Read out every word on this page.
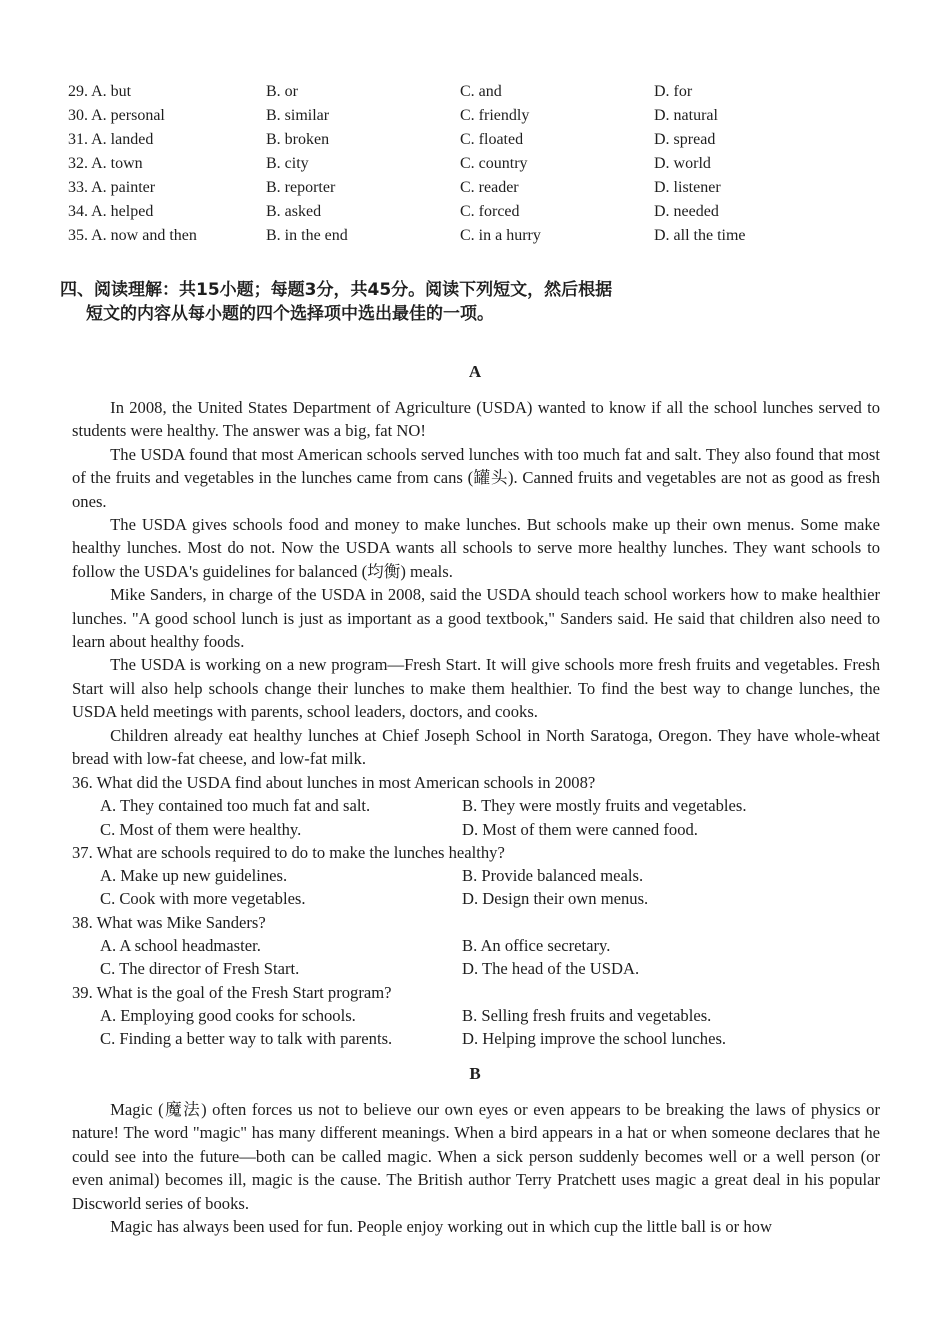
29. A. but	B. or	C. and	D. for
30. A. personal	B. similar	C. friendly	D. natural
31. A. landed	B. broken	C. floated	D. spread
32. A. town	B. city	C. country	D. world
33. A. painter	B. reporter	C. reader	D. listener
34. A. helped	B. asked	C. forced	D. needed
35. A. now and then	B. in the end	C. in a hurry	D. all the time
四、阅读理解：共15小题；每题3分，共45分。阅读下列短文，然后根据
短文的内容从每小题的四个选择项中选出最佳的一项。
A

In 2008, the United States Department of Agriculture (USDA) wanted to know if all the school lunches served to students were healthy. The answer was a big, fat NO!

The USDA found that most American schools served lunches with too much fat and salt. They also found that most of the fruits and vegetables in the lunches came from cans (罐头). Canned fruits and vegetables are not as good as fresh ones.

The USDA gives schools food and money to make lunches. But schools make up their own menus. Some make healthy lunches. Most do not. Now the USDA wants all schools to serve more healthy lunches. They want schools to follow the USDA's guidelines for balanced (均衡) meals.

Mike Sanders, in charge of the USDA in 2008, said the USDA should teach school workers how to make healthier lunches. "A good school lunch is just as important as a good textbook," Sanders said. He said that children also need to learn about healthy foods.

The USDA is working on a new program—Fresh Start. It will give schools more fresh fruits and vegetables. Fresh Start will also help schools change their lunches to make them healthier. To find the best way to change lunches, the USDA held meetings with parents, school leaders, doctors, and cooks.

Children already eat healthy lunches at Chief Joseph School in North Saratoga, Oregon. They have whole-wheat bread with low-fat cheese, and low-fat milk.

36. What did the USDA find about lunches in most American schools in 2008?

A. They contained too much fat and salt.	B. They were mostly fruits and vegetables.
C. Most of them were healthy.	D. Most of them were canned food.

37. What are schools required to do to make the lunches healthy?

A. Make up new guidelines.	B. Provide balanced meals.
C. Cook with more vegetables.	D. Design their own menus.

38. What was Mike Sanders?

A. A school headmaster.	B. An office secretary.
C. The director of Fresh Start.	D. The head of the USDA.

39. What is the goal of the Fresh Start program?

A. Employing good cooks for schools.	B. Selling fresh fruits and vegetables.
C. Finding a better way to talk with parents.	D. Helping improve the school lunches.
B

Magic (魔法) often forces us not to believe our own eyes or even appears to be breaking the laws of physics or nature! The word "magic" has many different meanings. When a bird appears in a hat or when someone declares that he could see into the future—both can be called magic. When a sick person suddenly becomes well or a well person (or even animal) becomes ill, magic is the cause. The British author Terry Pratchett uses magic a great deal in his popular Discworld series of books.

Magic has always been used for fun. People enjoy working out in which cup the little ball is or how
